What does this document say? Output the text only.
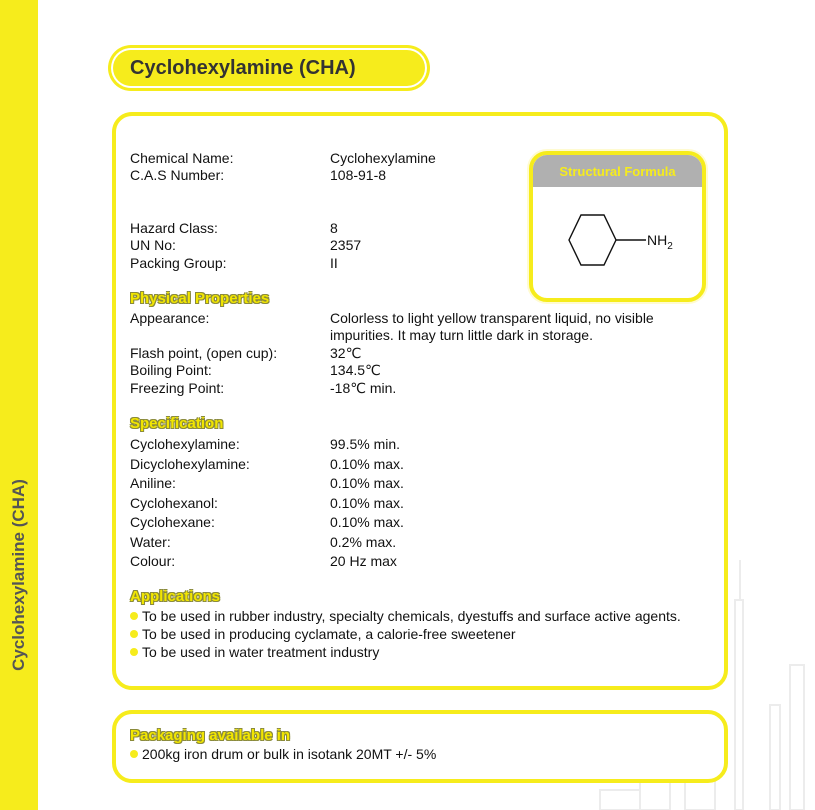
Cyclohexylamine (CHA)
Cyclohexylamine (CHA)
Chemical Name:	Cyclohexylamine
C.A.S Number:	108-91-8
Hazard Class:	8
UN No:	2357
Packing Group:	II
Structural Formula
$NH_2$
Physical Properties
Appearance:	Colorless to light yellow transparent liquid, no visible
impurities. It may turn little dark in storage.
Flash point, (open cup):	32℃
Boiling Point:	134.5℃
Freezing Point:	-18℃ min.
Specification
Cyclohexylamine:	99.5% min.
Dicyclohexylamine:	0.10% max.
Aniline:	0.10% max.
Cyclohexanol:	0.10% max.
Cyclohexane:	0.10% max.
Water:	0.2% max.
Colour:	20 Hz max
Applications
To be used in rubber industry, specialty chemicals, dyestuffs and surface active agents.
To be used in producing cyclamate, a calorie-free sweetener
To be used in water treatment industry
Packaging available in
200kg iron drum or bulk in isotank 20MT +/- 5%
